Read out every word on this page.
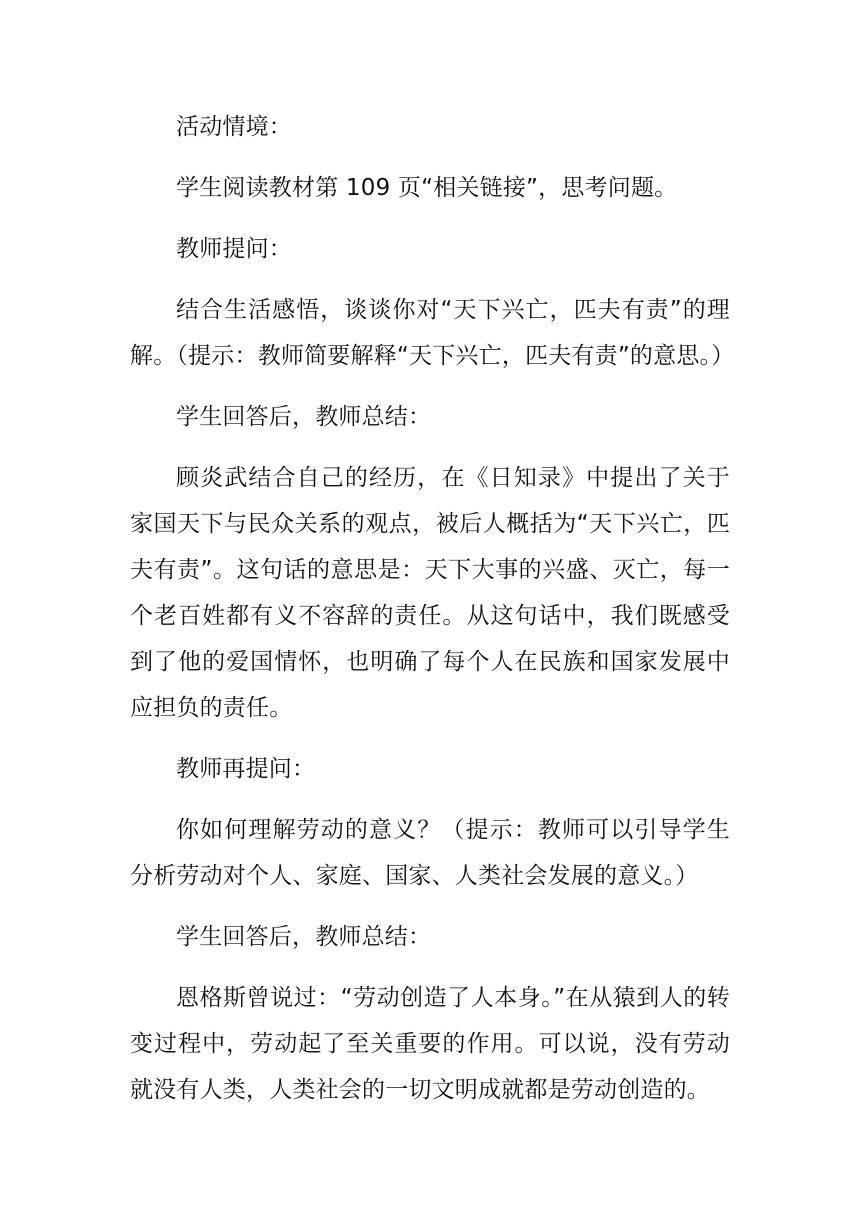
活动情境：

学生阅读教材第 109 页“相关链接”，思考问题。

教师提问：

结合生活感悟，谈谈你对“天下兴亡，匹夫有责”的理解。（提示：教师简要解释“天下兴亡，匹夫有责”的意思。）

学生回答后，教师总结：

顾炎武结合自己的经历，在《日知录》中提出了关于家国天下与民众关系的观点，被后人概括为“天下兴亡，匹夫有责”。这句话的意思是：天下大事的兴盛、灭亡，每一个老百姓都有义不容辞的责任。从这句话中，我们既感受到了他的爱国情怀，也明确了每个人在民族和国家发展中应担负的责任。

教师再提问：

你如何理解劳动的意义？（提示：教师可以引导学生分析劳动对个人、家庭、国家、人类社会发展的意义。）

学生回答后，教师总结：

恩格斯曾说过：“劳动创造了人本身。”在从猿到人的转变过程中，劳动起了至关重要的作用。可以说，没有劳动就没有人类，人类社会的一切文明成就都是劳动创造的。
